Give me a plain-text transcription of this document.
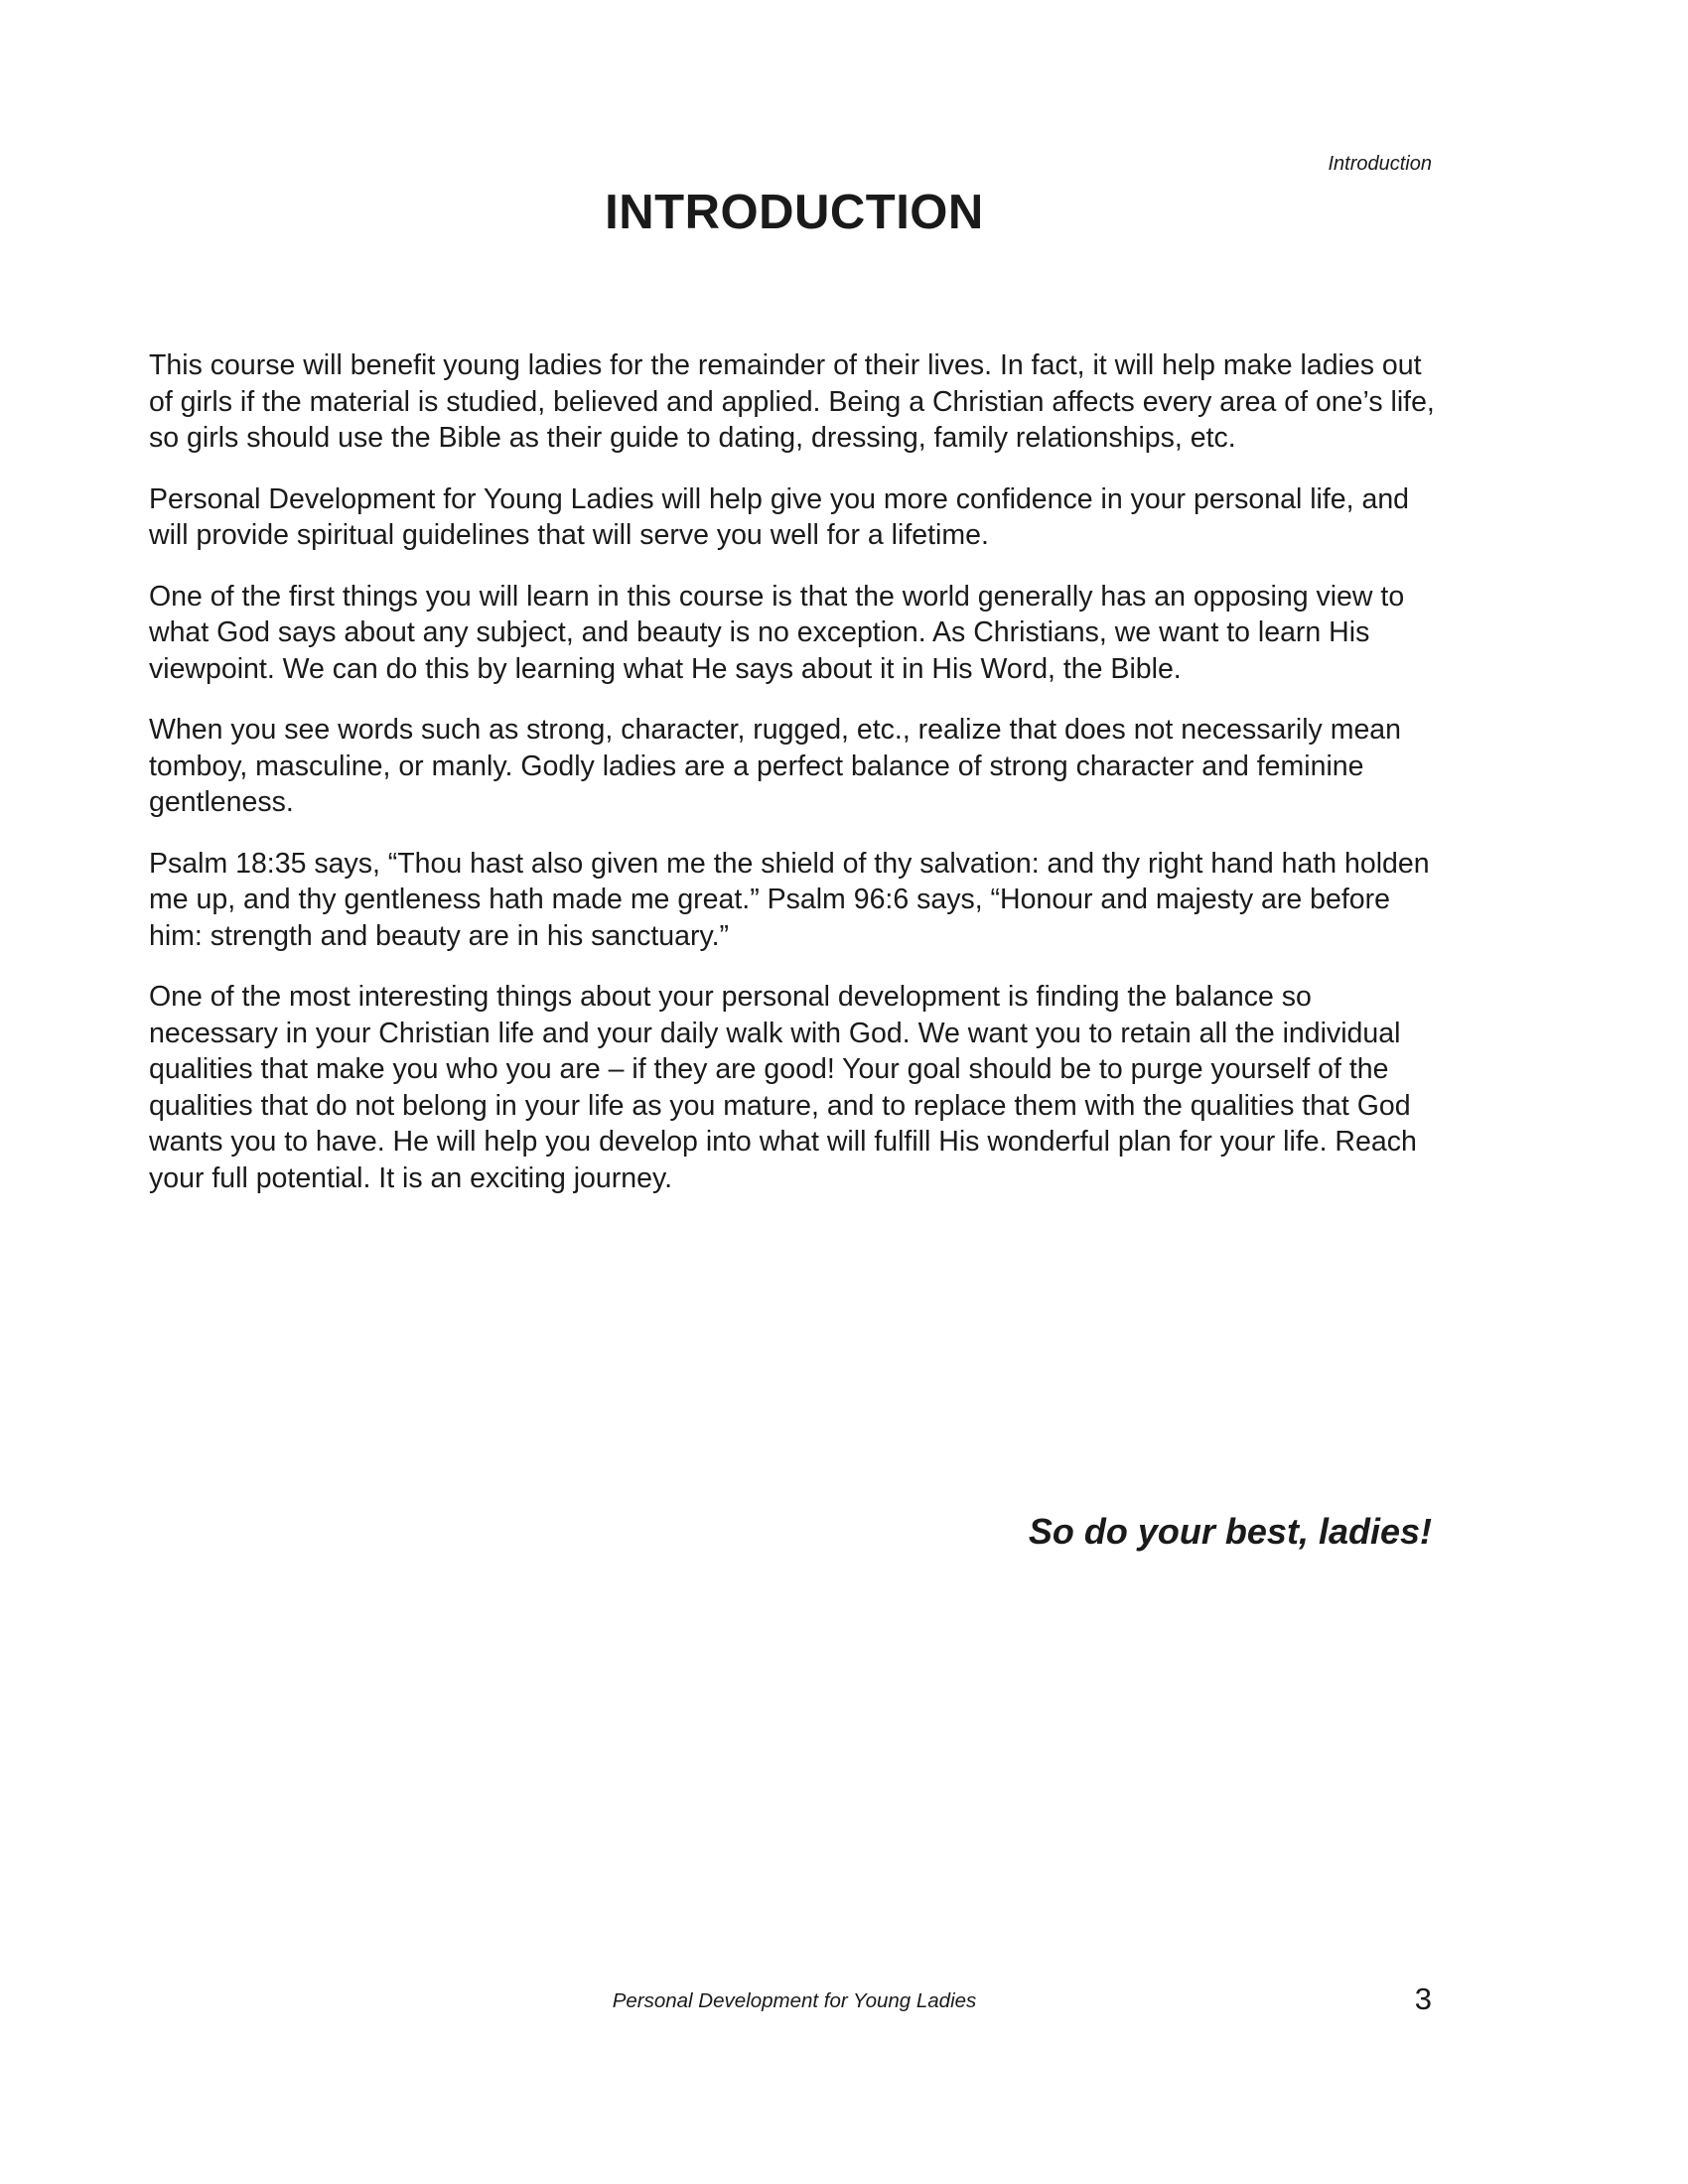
Introduction

INTRODUCTION

This course will benefit young ladies for the remainder of their lives. In fact, it will help make ladies out of girls if the material is studied, believed and applied. Being a Christian affects every area of one’s life, so girls should use the Bible as their guide to dating, dressing, family relationships, etc.

Personal Development for Young Ladies will help give you more confidence in your personal life, and will provide spiritual guidelines that will serve you well for a lifetime.

One of the first things you will learn in this course is that the world generally has an opposing view to what God says about any subject, and beauty is no exception. As Christians, we want to learn His viewpoint. We can do this by learning what He says about it in His Word, the Bible.

When you see words such as strong, character, rugged, etc., realize that does not necessarily mean tomboy, masculine, or manly. Godly ladies are a perfect balance of strong character and feminine gentleness.

Psalm 18:35 says, “Thou hast also given me the shield of thy salvation: and thy right hand hath holden me up, and thy gentleness hath made me great.” Psalm 96:6 says, “Honour and majesty are before him: strength and beauty are in his sanctuary.”

One of the most interesting things about your personal development is finding the balance so necessary in your Christian life and your daily walk with God. We want you to retain all the individual qualities that make you who you are – if they are good! Your goal should be to purge yourself of the qualities that do not belong in your life as you mature, and to replace them with the qualities that God wants you to have. He will help you develop into what will fulfill His wonderful plan for your life. Reach your full potential. It is an exciting journey.

So do your best, ladies!

Personal Development for Young Ladies	3
